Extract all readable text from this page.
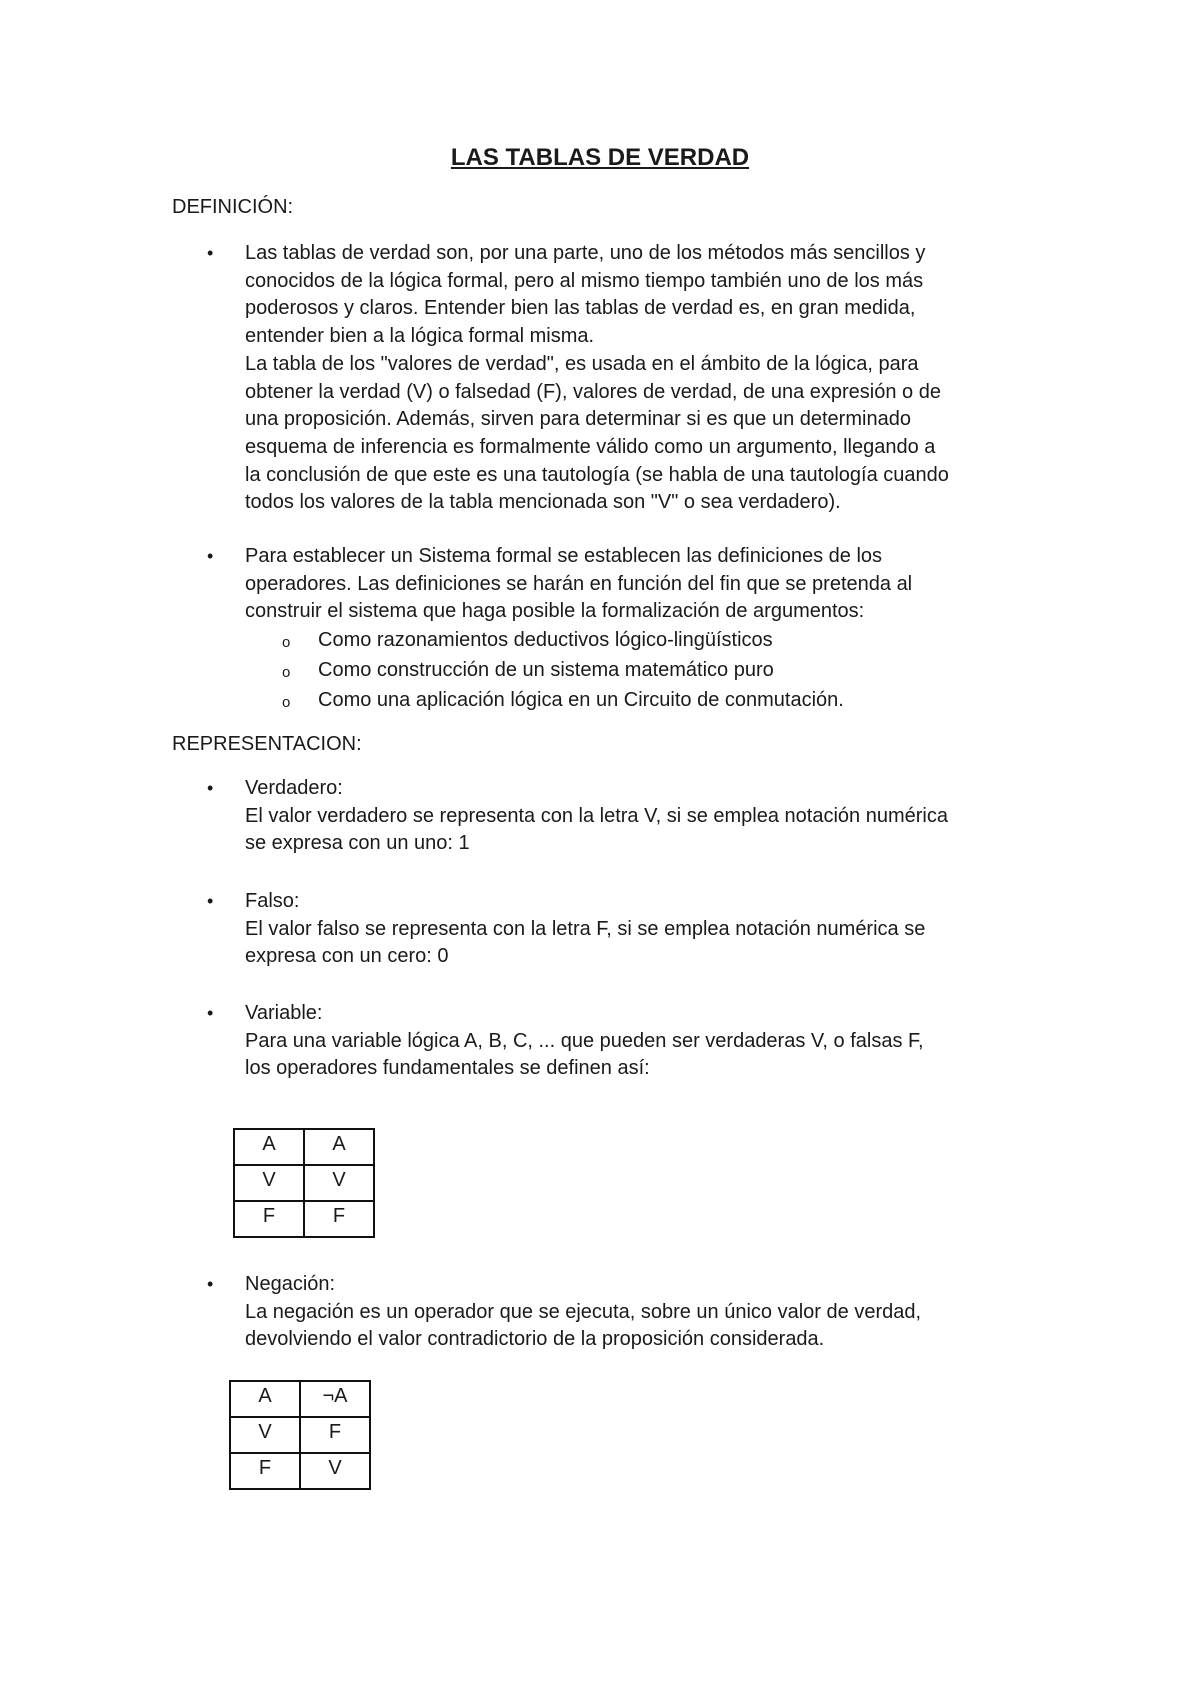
LAS TABLAS DE VERDAD
DEFINICIÓN:
• Las tablas de verdad son, por una parte, uno de los métodos más sencillos y

conocidos de la lógica formal, pero al mismo tiempo también uno de los más

poderosos y claros. Entender bien las tablas de verdad es, en gran medida,

entender bien a la lógica formal misma.

La tabla de los "valores de verdad", es usada en el ámbito de la lógica, para

obtener la verdad (V) o falsedad (F), valores de verdad, de una expresión o de

una proposición. Además, sirven para determinar si es que un determinado

esquema de inferencia es formalmente válido como un argumento, llegando a

la conclusión de que este es una tautología (se habla de una tautología cuando

todos los valores de la tabla mencionada son "V" o sea verdadero).

• Para establecer un Sistema formal se establecen las definiciones de los

operadores. Las definiciones se harán en función del fin que se pretenda al

construir el sistema que haga posible la formalización de argumentos:

o Como razonamientos deductivos lógico-lingüísticos
o Como construcción de un sistema matemático puro
o Como una aplicación lógica en un Circuito de conmutación.
REPRESENTACION:
• Verdadero:

El valor verdadero se representa con la letra V, si se emplea notación numérica

se expresa con un uno: 1

• Falso:

El valor falso se representa con la letra F, si se emplea notación numérica se

expresa con un cero: 0

• Variable:

Para una variable lógica A, B, C, ... que pueden ser verdaderas V, o falsas F,

los operadores fundamentales se definen así:

A	A
V	V
F	F
• Negación:

La negación es un operador que se ejecuta, sobre un único valor de verdad,

devolviendo el valor contradictorio de la proposición considerada.

A	¬A
V	F
F	V
